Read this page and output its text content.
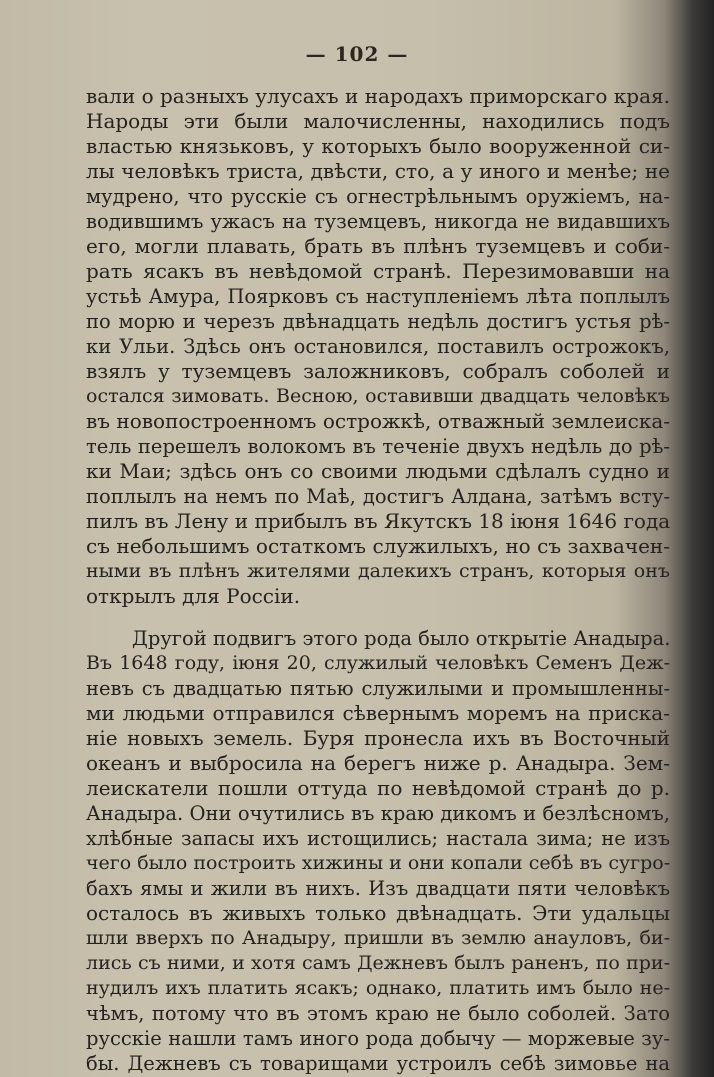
— 102 —
вали о разныхъ улусахъ и народахъ приморскаго края.
Народы эти были малочисленны, находились подъ
властью князьковъ, у которыхъ было вооруженной си-
лы человѣкъ триста, двѣсти, сто, а у иного и менѣе; не
мудрено, что русскіе съ огнестрѣльнымъ оружіемъ, на-
водившимъ ужасъ на туземцевъ, никогда не видавшихъ
его, могли плавать, брать въ плѣнъ туземцевъ и соби-
рать ясакъ въ невѣдомой странѣ. Перезимовавши на
устьѣ Амура, Поярковъ съ наступленіемъ лѣта поплылъ
по морю и черезъ двѣнадцать недѣль достигъ устья рѣ-
ки Ульи. Здѣсь онъ остановился, поставилъ острожокъ,
взялъ у туземцевъ заложниковъ, собралъ соболей и
остался зимовать. Весною, оставивши двадцать человѣкъ
въ новопостроенномъ острожкѣ, отважный землеиска-
тель перешелъ волокомъ въ теченіе двухъ недѣль до рѣ-
ки Маи; здѣсь онъ со своими людьми сдѣлалъ судно и
поплылъ на немъ по Маѣ, достигъ Алдана, затѣмъ всту-
пилъ въ Лену и прибылъ въ Якутскъ 18 іюня 1646 года
съ небольшимъ остаткомъ служилыхъ, но съ захвачен-
ными въ плѣнъ жителями далекихъ странъ, которыя онъ
открылъ для Россіи.
Другой подвигъ этого рода было открытіе Анадыра.
Въ 1648 году, іюня 20, служилый человѣкъ Семенъ Деж-
невъ съ двадцатью пятью служилыми и промышленны-
ми людьми отправился сѣвернымъ моремъ на приска-
ніе новыхъ земель. Буря пронесла ихъ въ Восточный
океанъ и выбросила на берегъ ниже р. Анадыра. Зем-
леискатели пошли оттуда по невѣдомой странѣ до р.
Анадыра. Они очутились въ краю дикомъ и безлѣсномъ,
хлѣбные запасы ихъ истощились; настала зима; не изъ
чего было построить хижины и они копали себѣ въ сугро-
бахъ ямы и жили въ нихъ. Изъ двадцати пяти человѣкъ
осталось въ живыхъ только двѣнадцать. Эти удальцы
шли вверхъ по Анадыру, пришли въ землю анауловъ, би-
лись съ ними, и хотя самъ Дежневъ былъ раненъ, по при-
нудилъ ихъ платить ясакъ; однако, платить имъ было не-
чѣмъ, потому что въ этомъ краю не было соболей. Зато
русскіе нашли тамъ иного рода добычу — моржевые зу-
бы. Дежневъ съ товарищами устроилъ себѣ зимовье на
